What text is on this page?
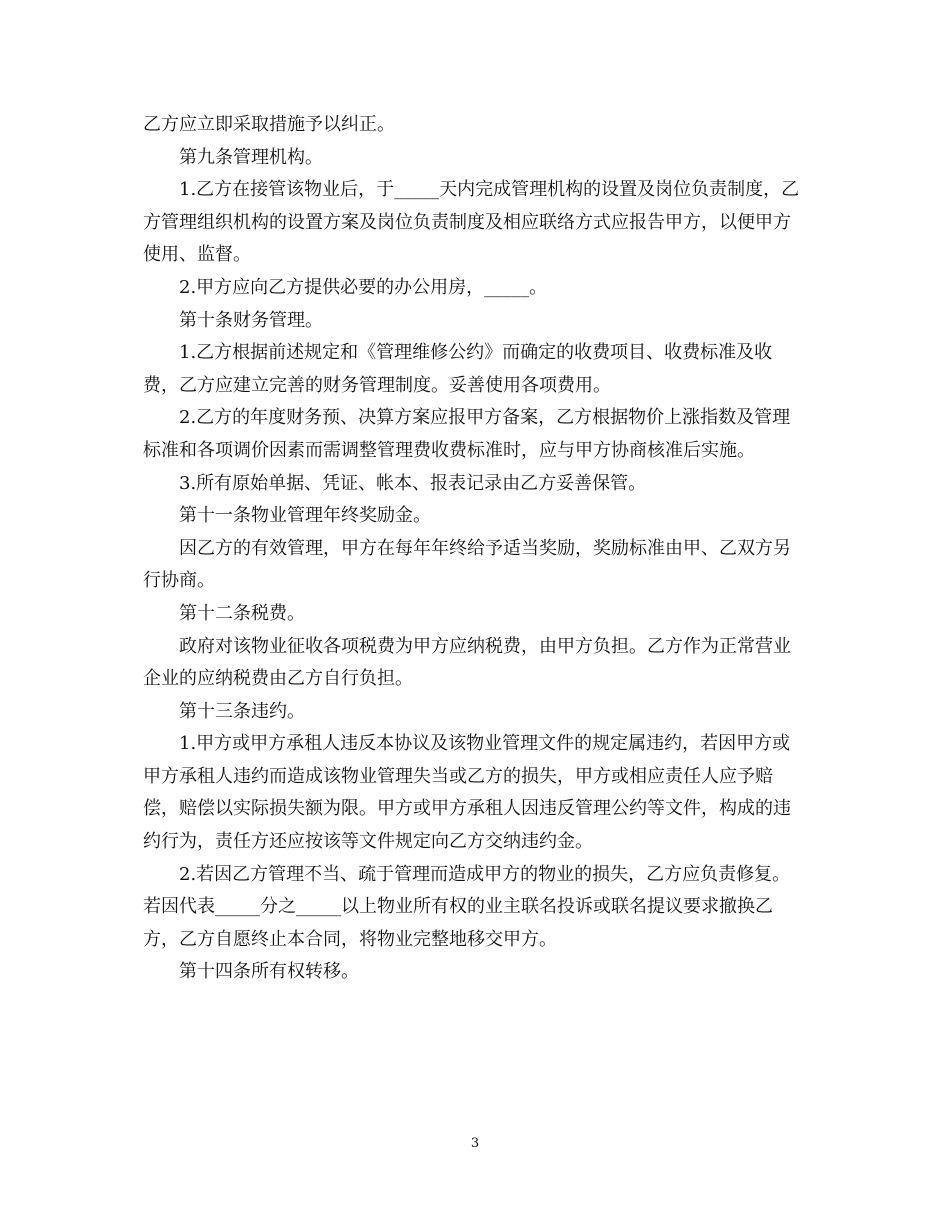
乙方应立即采取措施予以纠正。

第九条管理机构。

1.乙方在接管该物业后，于_____天内完成管理机构的设置及岗位负责制度，乙方管理组织机构的设置方案及岗位负责制度及相应联络方式应报告甲方，以便甲方使用、监督。

2.甲方应向乙方提供必要的办公用房，_____。

第十条财务管理。

1.乙方根据前述规定和《管理维修公约》而确定的收费项目、收费标准及收费，乙方应建立完善的财务管理制度。妥善使用各项费用。

2.乙方的年度财务预、决算方案应报甲方备案，乙方根据物价上涨指数及管理标准和各项调价因素而需调整管理费收费标准时，应与甲方协商核准后实施。

3.所有原始单据、凭证、帐本、报表记录由乙方妥善保管。

第十一条物业管理年终奖励金。

因乙方的有效管理，甲方在每年年终给予适当奖励，奖励标准由甲、乙双方另行协商。

第十二条税费。

政府对该物业征收各项税费为甲方应纳税费，由甲方负担。乙方作为正常营业企业的应纳税费由乙方自行负担。

第十三条违约。

1.甲方或甲方承租人违反本协议及该物业管理文件的规定属违约，若因甲方或甲方承租人违约而造成该物业管理失当或乙方的损失，甲方或相应责任人应予赔偿，赔偿以实际损失额为限。甲方或甲方承租人因违反管理公约等文件，构成的违约行为，责任方还应按该等文件规定向乙方交纳违约金。

2.若因乙方管理不当、疏于管理而造成甲方的物业的损失，乙方应负责修复。若因代表_____分之_____以上物业所有权的业主联名投诉或联名提议要求撤换乙方，乙方自愿终止本合同，将物业完整地移交甲方。

第十四条所有权转移。

3
